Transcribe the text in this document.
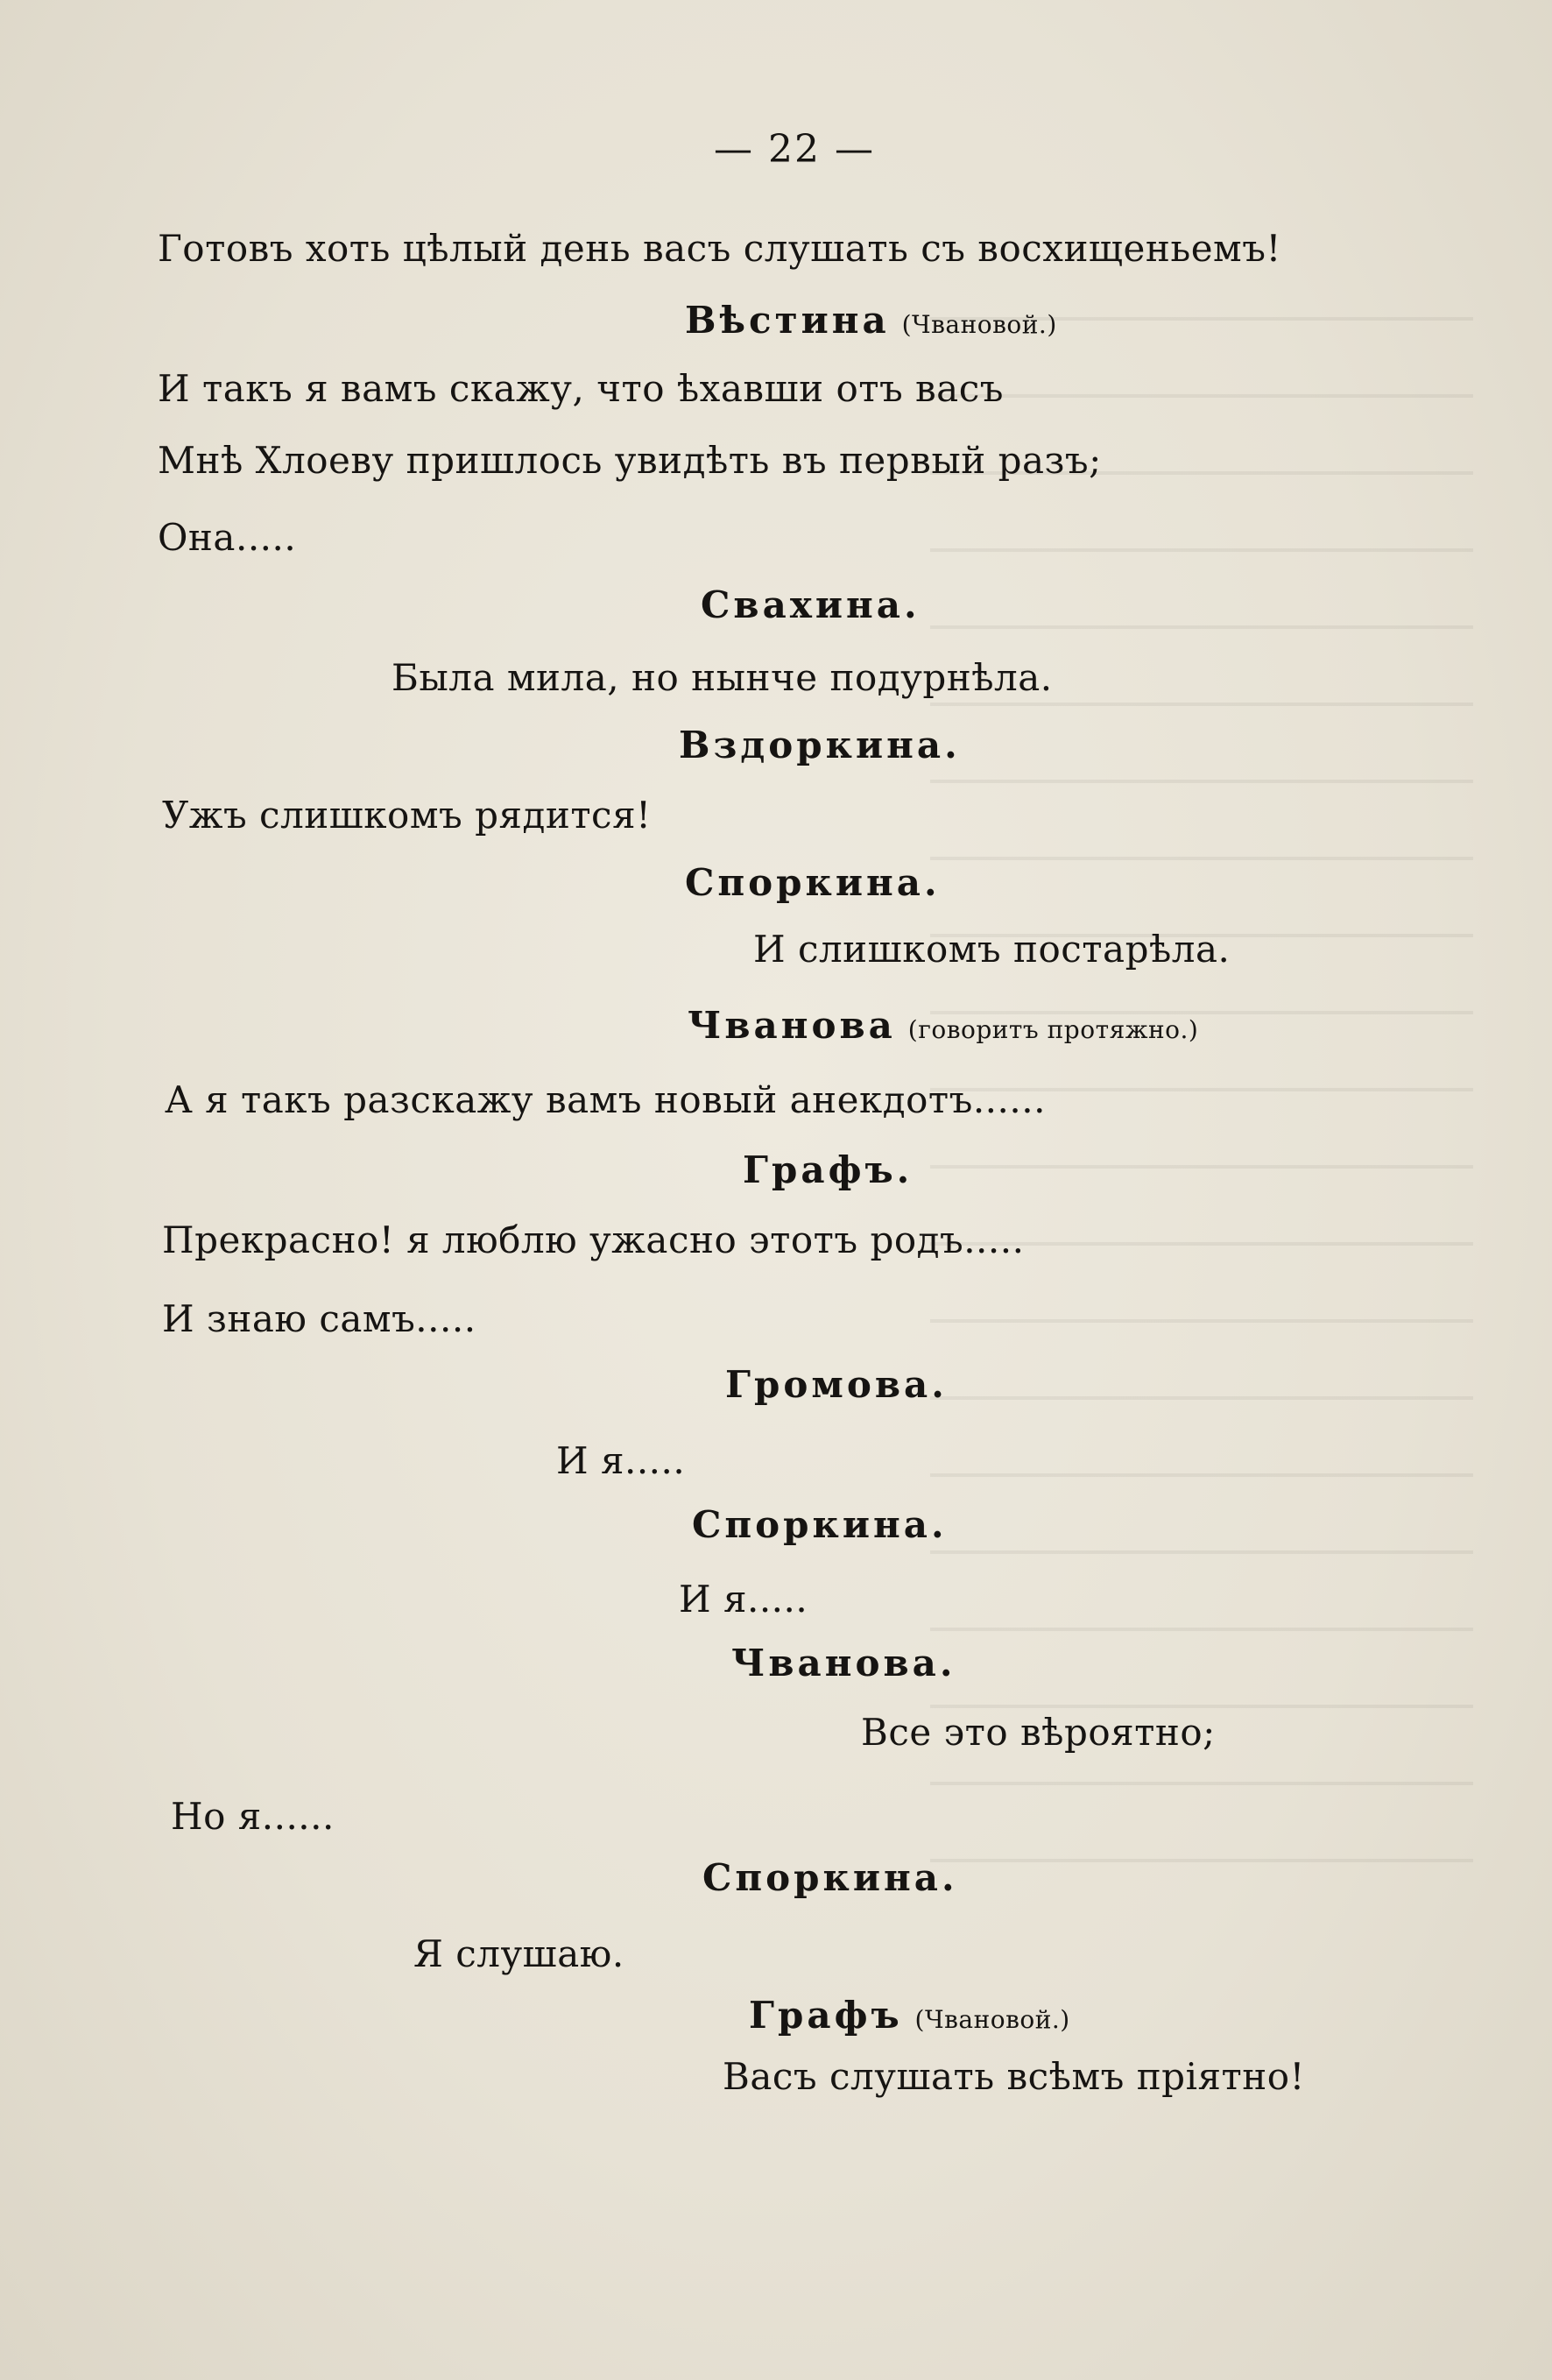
— 22 —
Готовъ хоть цѣлый день васъ слушать съ восхищеньемъ!
Вѣстина (Чвановой.)
И такъ я вамъ скажу, что ѣхавши отъ васъ
Мнѣ Хлоеву пришлось увидѣть въ первый разъ;
Она.....
Свахина.
Была мила, но нынче подурнѣла.
Вздоркина.
Ужъ слишкомъ рядится!
Споркина.
И слишкомъ постарѣла.
Чванова (говоритъ протяжно.)
А я такъ разскажу вамъ новый анекдотъ......
Графъ.
Прекрасно! я люблю ужасно этотъ родъ.....
И знаю самъ.....
Громова.
И я.....
Споркина.
И я.....
Чванова.
Все это вѣроятно;
Но я......
Споркина.
Я слушаю.
Графъ (Чвановой.)
Васъ слушать всѣмъ пріятно!
